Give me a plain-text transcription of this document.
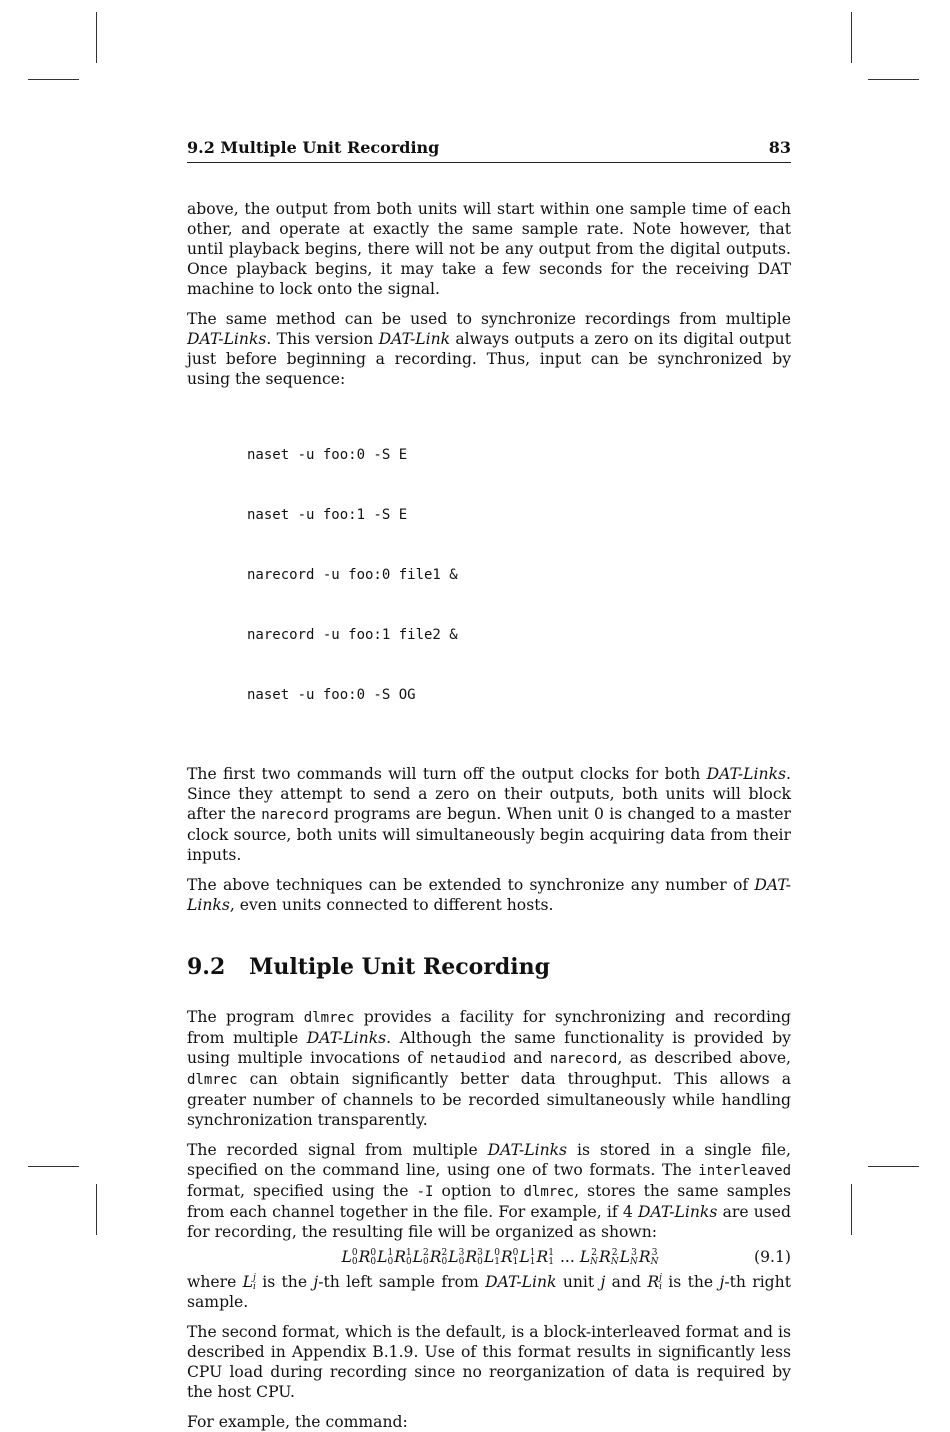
9.2 Multiple Unit Recording	83

above, the output from both units will start within one sample time of each other, and operate at exactly the same sample rate. Note however, that until playback begins, there will not be any output from the digital outputs. Once playback begins, it may take a few seconds for the receiving DAT machine to lock onto the signal.

The same method can be used to synchronize recordings from multiple DAT-Links. This version DAT-Link always outputs a zero on its digital output just before beginning a recording. Thus, input can be synchronized by using the sequence:

naset -u foo:0 -S E

naset -u foo:1 -S E

narecord -u foo:0 file1 &

narecord -u foo:1 file2 &

naset -u foo:0 -S OG

The first two commands will turn off the output clocks for both DAT-Links. Since they attempt to send a zero on their outputs, both units will block after the narecord programs are begun. When unit 0 is changed to a master clock source, both units will simultaneously begin acquiring data from their inputs.

The above techniques can be extended to synchronize any number of DAT-Links, even units connected to different hosts.

9.2 Multiple Unit Recording

The program dlmrec provides a facility for synchronizing and recording from multiple DAT-Links. Although the same functionality is provided by using multiple invocations of netaudiod and narecord, as described above, dlmrec can obtain significantly better data throughput. This allows a greater number of channels to be recorded simultaneously while handling synchronization transparently.

The recorded signal from multiple DAT-Links is stored in a single file, specified on the command line, using one of two formats. The interleaved format, specified using the -I option to dlmrec, stores the same samples from each channel together in the file. For example, if 4 DAT-Links are used for recording, the resulting file will be organized as shown:

L 0
0 R 0
0 L 1
0 R 1
0 L 2
0 R 2
0 L 3
0 R 3
0 L 0
1 R 0
1 L 1
1 R 1
1 ... L 2
N R 2
N L 3
N R 3
N	(9.1)

where L j
i is the j-th left sample from DAT-Link unit j and R j
i is the j-th right sample.

The second format, which is the default, is a block-interleaved format and is described in Appendix B.1.9. Use of this format results in significantly less CPU load during recording since no reorganization of data is required by the host CPU.

For example, the command:
